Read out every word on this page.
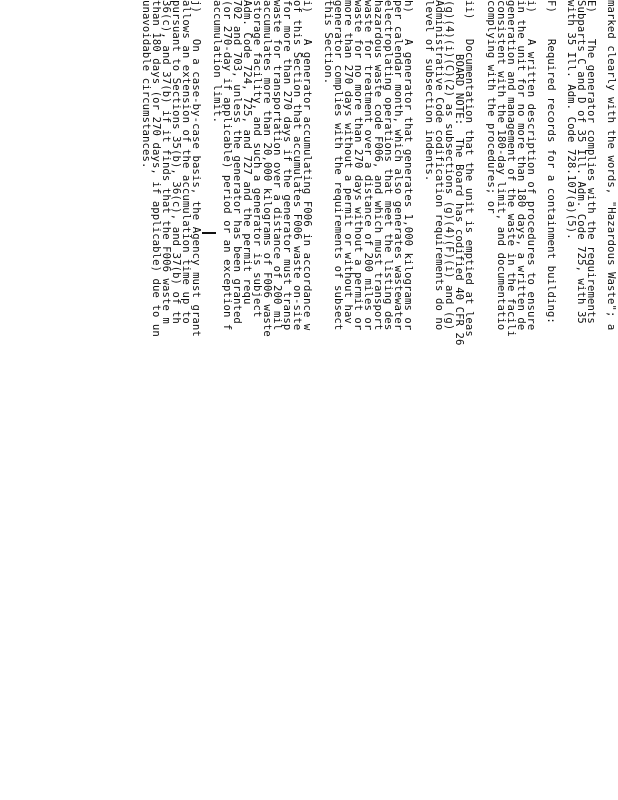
marked clearly with the words, "Hazardous Waste"; a
E)    The generator complies with the requirements
Subparts C and D of 35 Ill. Adm. Code 725, with 35
with 35 Ill. Adm. Code 728.107(a)(5).
F)    Required records for a containment building:
i)    A written description of procedures to ensure
in the unit for no more than 180 days, a written de
generation and management of the waste in the facili
consistent with the 180-day limit, and documentatio
complying with the procedures; or
ii)   Documentation that the unit is emptied at leas
(g)(4)(i)(C)(2) as subsections (g)(4)(F)(i) and (g)
Administrative Code codification requirements do no
level of subsection indents.
h)    A generator that generates 1,000 kilograms or
per calendar month, which also generates wastewater
electroplating operations that meet the listing des
hazardous waste code F006, and which must transport
waste for treatment over a distance of 200 miles or
waste for no more than 270 days without a permit or
more than 270 days without a permit or without hav
generator complies with the requirements of subsect
this Section.
i)    A generator accumulating F006 in accordance w
of this Section that accumulates F006 waste on-site
for more than 270 days if the generator must transp
waste for transportation over a distance of 200 mil
accumulates more than 20,000 kilograms of F006 waste
storage facility, and such a generator is subject
Adm. Code 724, 725, and 727 and the permit requ
702 and 703, unless the generator has been granted
(or 270-day if applicable) period or an exception f
accumulation limit.
j)    On a case-by-case basis, the Agency must grant
allows an extension of the accumulation time up to
pursuant to Sections 35(b), 36(c), and 37(b) of th
36(c), and 37(b) if it finds that the F006 waste m
than 180 days (or 270 days, if applicable) due to un
unavoidable circumstances.	BOARD NOTE:  The Board has codified 40 CFR 26
